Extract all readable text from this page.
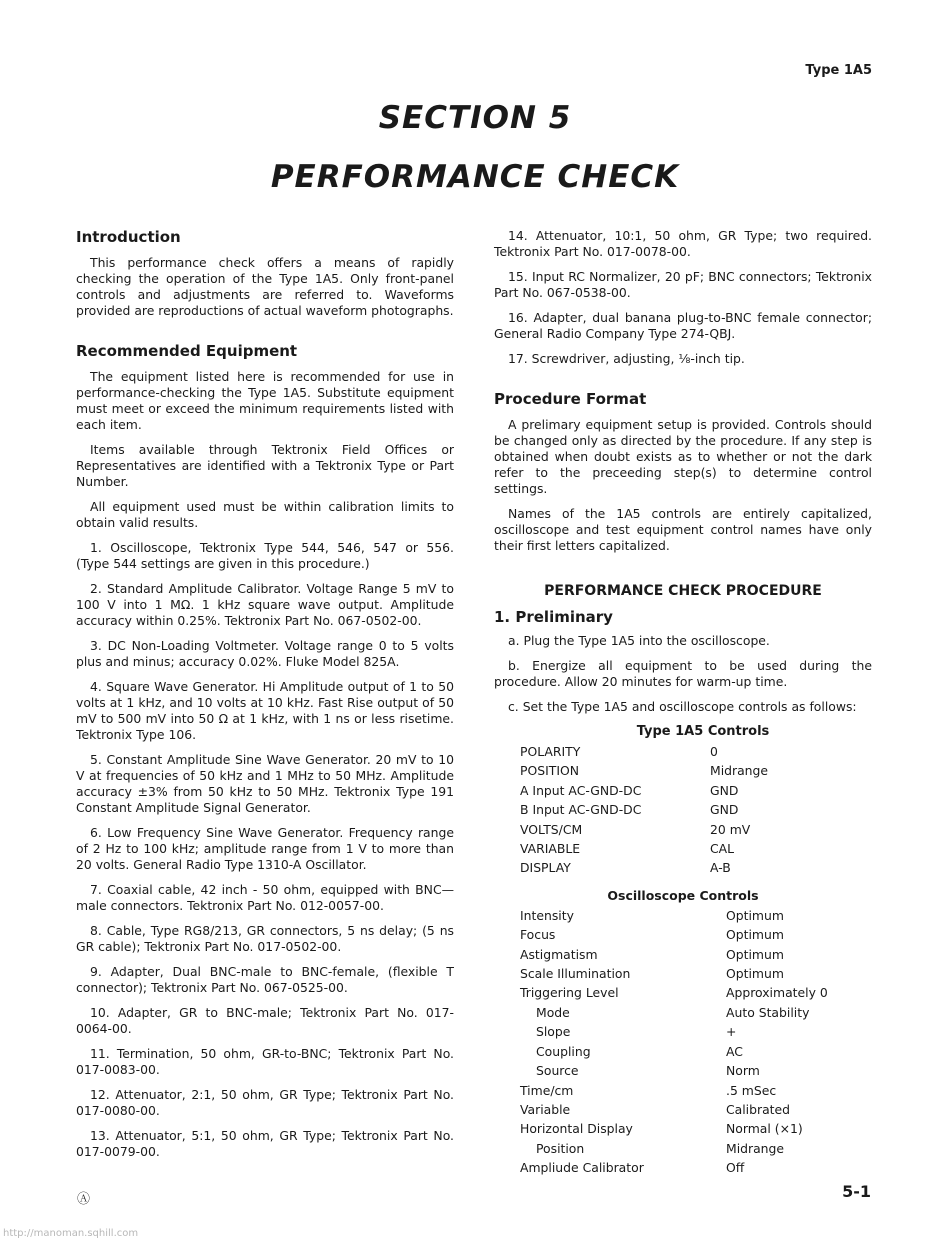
Type 1A5
SECTION 5
PERFORMANCE CHECK
Introduction

This performance check offers a means of rapidly checking the operation of the Type 1A5. Only front-panel controls and adjustments are referred to. Waveforms provided are reproductions of actual waveform photographs.

Recommended Equipment

The equipment listed here is recommended for use in performance-checking the Type 1A5. Substitute equipment must meet or exceed the minimum requirements listed with each item.

Items available through Tektronix Field Offices or Representatives are identified with a Tektronix Type or Part Number.

All equipment used must be within calibration limits to obtain valid results.

1. Oscilloscope, Tektronix Type 544, 546, 547 or 556. (Type 544 settings are given in this procedure.)

2. Standard Amplitude Calibrator. Voltage Range 5 mV to 100 V into 1 MΩ. 1 kHz square wave output. Amplitude accuracy within 0.25%. Tektronix Part No. 067-0502-00.

3. DC Non-Loading Voltmeter. Voltage range 0 to 5 volts plus and minus; accuracy 0.02%. Fluke Model 825A.

4. Square Wave Generator. Hi Amplitude output of 1 to 50 volts at 1 kHz, and 10 volts at 10 kHz. Fast Rise output of 50 mV to 500 mV into 50 Ω at 1 kHz, with 1 ns or less risetime. Tektronix Type 106.

5. Constant Amplitude Sine Wave Generator. 20 mV to 10 V at frequencies of 50 kHz and 1 MHz to 50 MHz. Amplitude accuracy ±3% from 50 kHz to 50 MHz. Tektronix Type 191 Constant Amplitude Signal Generator.

6. Low Frequency Sine Wave Generator. Frequency range of 2 Hz to 100 kHz; amplitude range from 1 V to more than 20 volts. General Radio Type 1310-A Oscillator.

7. Coaxial cable, 42 inch - 50 ohm, equipped with BNC—male connectors. Tektronix Part No. 012-0057-00.

8. Cable, Type RG8/213, GR connectors, 5 ns delay; (5 ns GR cable); Tektronix Part No. 017-0502-00.

9. Adapter, Dual BNC-male to BNC-female, (flexible T connector); Tektronix Part No. 067-0525-00.

10. Adapter, GR to BNC-male; Tektronix Part No. 017-0064-00.

11. Termination, 50 ohm, GR-to-BNC; Tektronix Part No. 017-0083-00.

12. Attenuator, 2:1, 50 ohm, GR Type; Tektronix Part No. 017-0080-00.

13. Attenuator, 5:1, 50 ohm, GR Type; Tektronix Part No. 017-0079-00.

14. Attenuator, 10:1, 50 ohm, GR Type; two required. Tektronix Part No. 017-0078-00.

15. Input RC Normalizer, 20 pF; BNC connectors; Tektronix Part No. 067-0538-00.

16. Adapter, dual banana plug-to-BNC female connector; General Radio Company Type 274-QBJ.

17. Screwdriver, adjusting, ⅛-inch tip.

Procedure Format

A prelimary equipment setup is provided. Controls should be changed only as directed by the procedure. If any step is obtained when doubt exists as to whether or not the dark refer to the preceeding step(s) to determine control settings.

Names of the 1A5 controls are entirely capitalized, oscilloscope and test equipment control names have only their first letters capitalized.

PERFORMANCE CHECK PROCEDURE
1. Preliminary

a. Plug the Type 1A5 into the oscilloscope.

b. Energize all equipment to be used during the procedure. Allow 20 minutes for warm-up time.

c. Set the Type 1A5 and oscilloscope controls as follows:

Type 1A5 Controls
POLARITY	0
POSITION	Midrange
A Input AC-GND-DC	GND
B Input AC-GND-DC	GND
VOLTS/CM	20 mV
VARIABLE	CAL
DISPLAY	A-B
Oscilloscope Controls
Intensity	Optimum
Focus	Optimum
Astigmatism	Optimum
Scale Illumination	Optimum
Triggering Level	Approximately 0
Mode	Auto Stability
Slope	+
Coupling	AC
Source	Norm
Time/cm	.5 mSec
Variable	Calibrated
Horizontal Display	Normal (×1)
Position	Midrange
Ampliude Calibrator	Off
Ⓐ	5-1
http://manoman.sqhill.com
